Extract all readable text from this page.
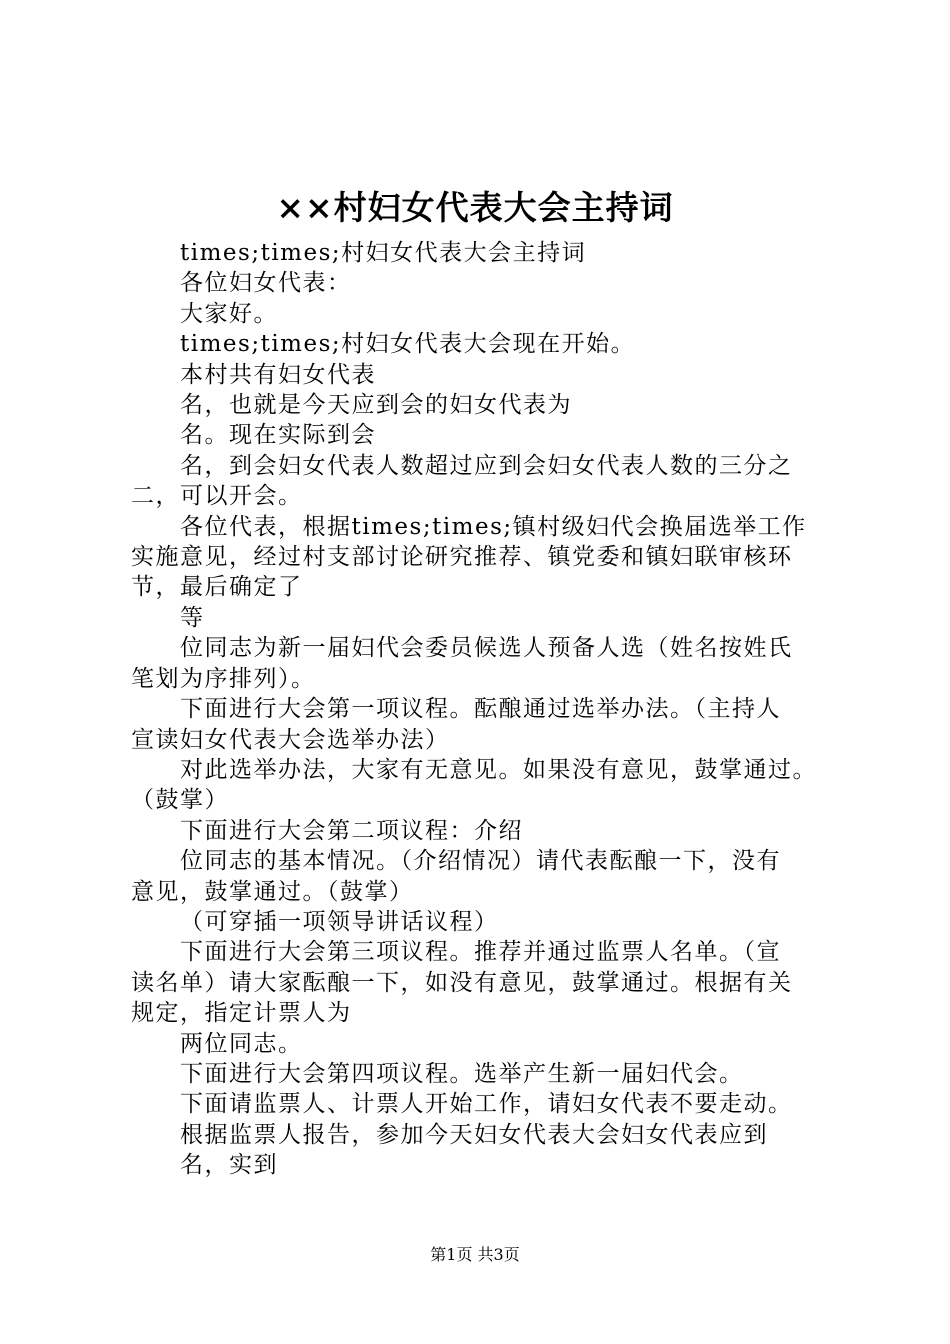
××村妇女代表大会主持词

times;times;村妇女代表大会主持词

各位妇女代表：

大家好。

times;times;村妇女代表大会现在开始。

本村共有妇女代表

名，也就是今天应到会的妇女代表为

名。现在实际到会

名，到会妇女代表人数超过应到会妇女代表人数的三分之

二，可以开会。

各位代表，根据times;times;镇村级妇代会换届选举工作

实施意见，经过村支部讨论研究推荐、镇党委和镇妇联审核环

节，最后确定了

等

位同志为新一届妇代会委员候选人预备人选（姓名按姓氏

笔划为序排列）。

下面进行大会第一项议程。酝酿通过选举办法。（主持人

宣读妇女代表大会选举办法）

对此选举办法，大家有无意见。如果没有意见，鼓掌通过。

（鼓掌）

下面进行大会第二项议程：介绍

位同志的基本情况。（介绍情况）请代表酝酿一下，没有

意见，鼓掌通过。（鼓掌）

（可穿插一项领导讲话议程）

下面进行大会第三项议程。推荐并通过监票人名单。（宣

读名单）请大家酝酿一下，如没有意见，鼓掌通过。根据有关

规定，指定计票人为

两位同志。

下面进行大会第四项议程。选举产生新一届妇代会。

下面请监票人、计票人开始工作，请妇女代表不要走动。

根据监票人报告，参加今天妇女代表大会妇女代表应到

名，实到

第1页 共3页
